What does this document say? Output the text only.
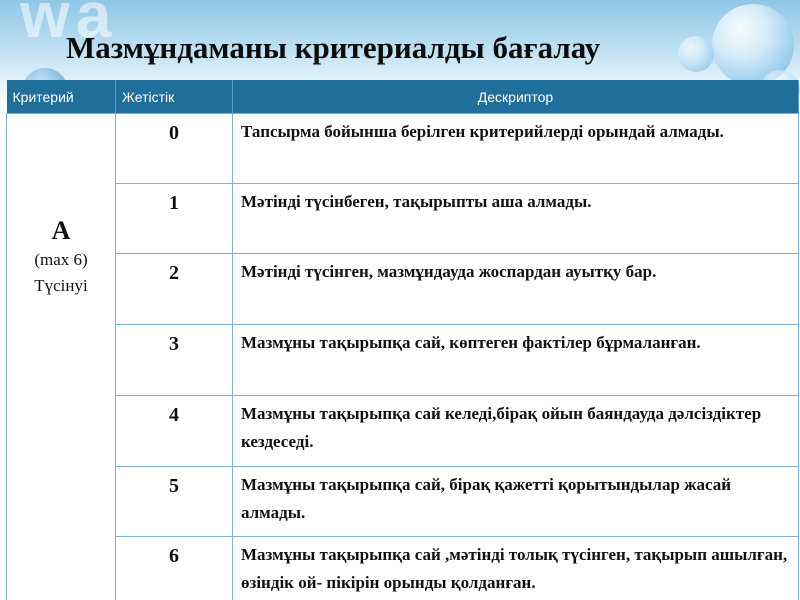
wa
Мазмұндаманы критериалды бағалау
Критерий	Жетістік	Дескриптор

А
(max 6)
Түсінуі	0	Тапсырма бойынша берілген критерийлерді орындай алмады.
	1	Мәтінді түсінбеген, тақырыпты аша алмады.
	2	Мәтінді түсінген, мазмұндауда жоспардан ауытқу бар.
	3	Мазмұны тақырыпқа сай, көптеген фактілер бұрмаланған.
	4	Мазмұны тақырыпқа сай келеді,бірақ ойын баяндауда дәлсіздіктер кездеседі.
	5	Мазмұны тақырыпқа сай, бірақ қажетті қорытындылар жасай алмады.
	6	Мазмұны тақырыпқа сай ,мәтінді толық түсінген, тақырып ашылған, өзіндік ой- пікірін орынды қолданған.
